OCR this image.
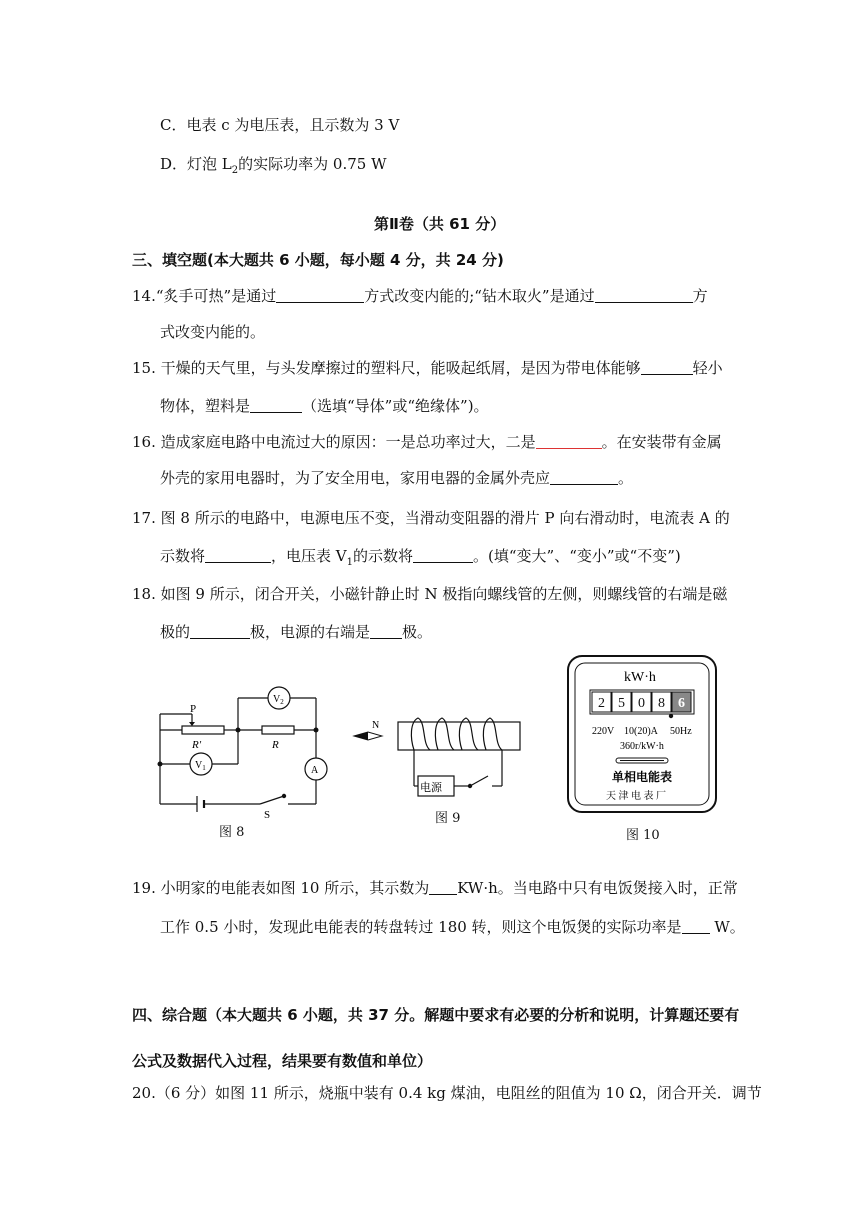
C．电表 c 为电压表，且示数为 3 V
D．灯泡 $L_2$的实际功率为 0.75 W
第Ⅱ卷（共 61 分）
三、填空题(本大题共 6 小题，每小题 4 分，共 24 分)
14.“炙手可热”是通过	方式改变内能的;“钻木取火”是通过	方
式改变内能的。
15. 干燥的天气里，与头发摩擦过的塑料尺，能吸起纸屑，是因为带电体能够	轻小
物体，塑料是	（选填“导体”或“绝缘体”)。
16. 造成家庭电路中电流过大的原因：一是总功率过大，二是	。在安装带有金属
外壳的家用电器时，为了安全用电，家用电器的金属外壳应	。
17. 图 8 所示的电路中，电源电压不变，当滑动变阻器的滑片 P 向右滑动时，电流表 A 的
示数将	，电压表 $V_1$的示数将	。(填“变大”、“变小”或“不变”)
18. 如图 9 所示，闭合开关，小磁针静止时 N 极指向螺线管的左侧，则螺线管的右端是磁
极的	极，电源的右端是 极。
P
R′	R
$V_2$
$V_1$	A
S
图 8
N
电源
图 9
kW·h
2 5 0 8 6
220V 10(20)A 50Hz
360r/kW·h
单相电能表
天 津 电 表 厂
图 10
19. 小明家的电能表如图 10 所示，其示数为 KW·h。当电路中只有电饭煲接入时，正常
工作 0.5 小时，发现此电能表的转盘转过 180 转，则这个电饭煲的实际功率是 W。
四、综合题（本大题共 6 小题，共 37 分。解题中要求有必要的分析和说明，计算题还要有
公式及数据代入过程，结果要有数值和单位）
20.（6 分）如图 11 所示，烧瓶中装有 0.4 kg 煤油，电阻丝的阻值为 10 Ω，闭合开关．调节
